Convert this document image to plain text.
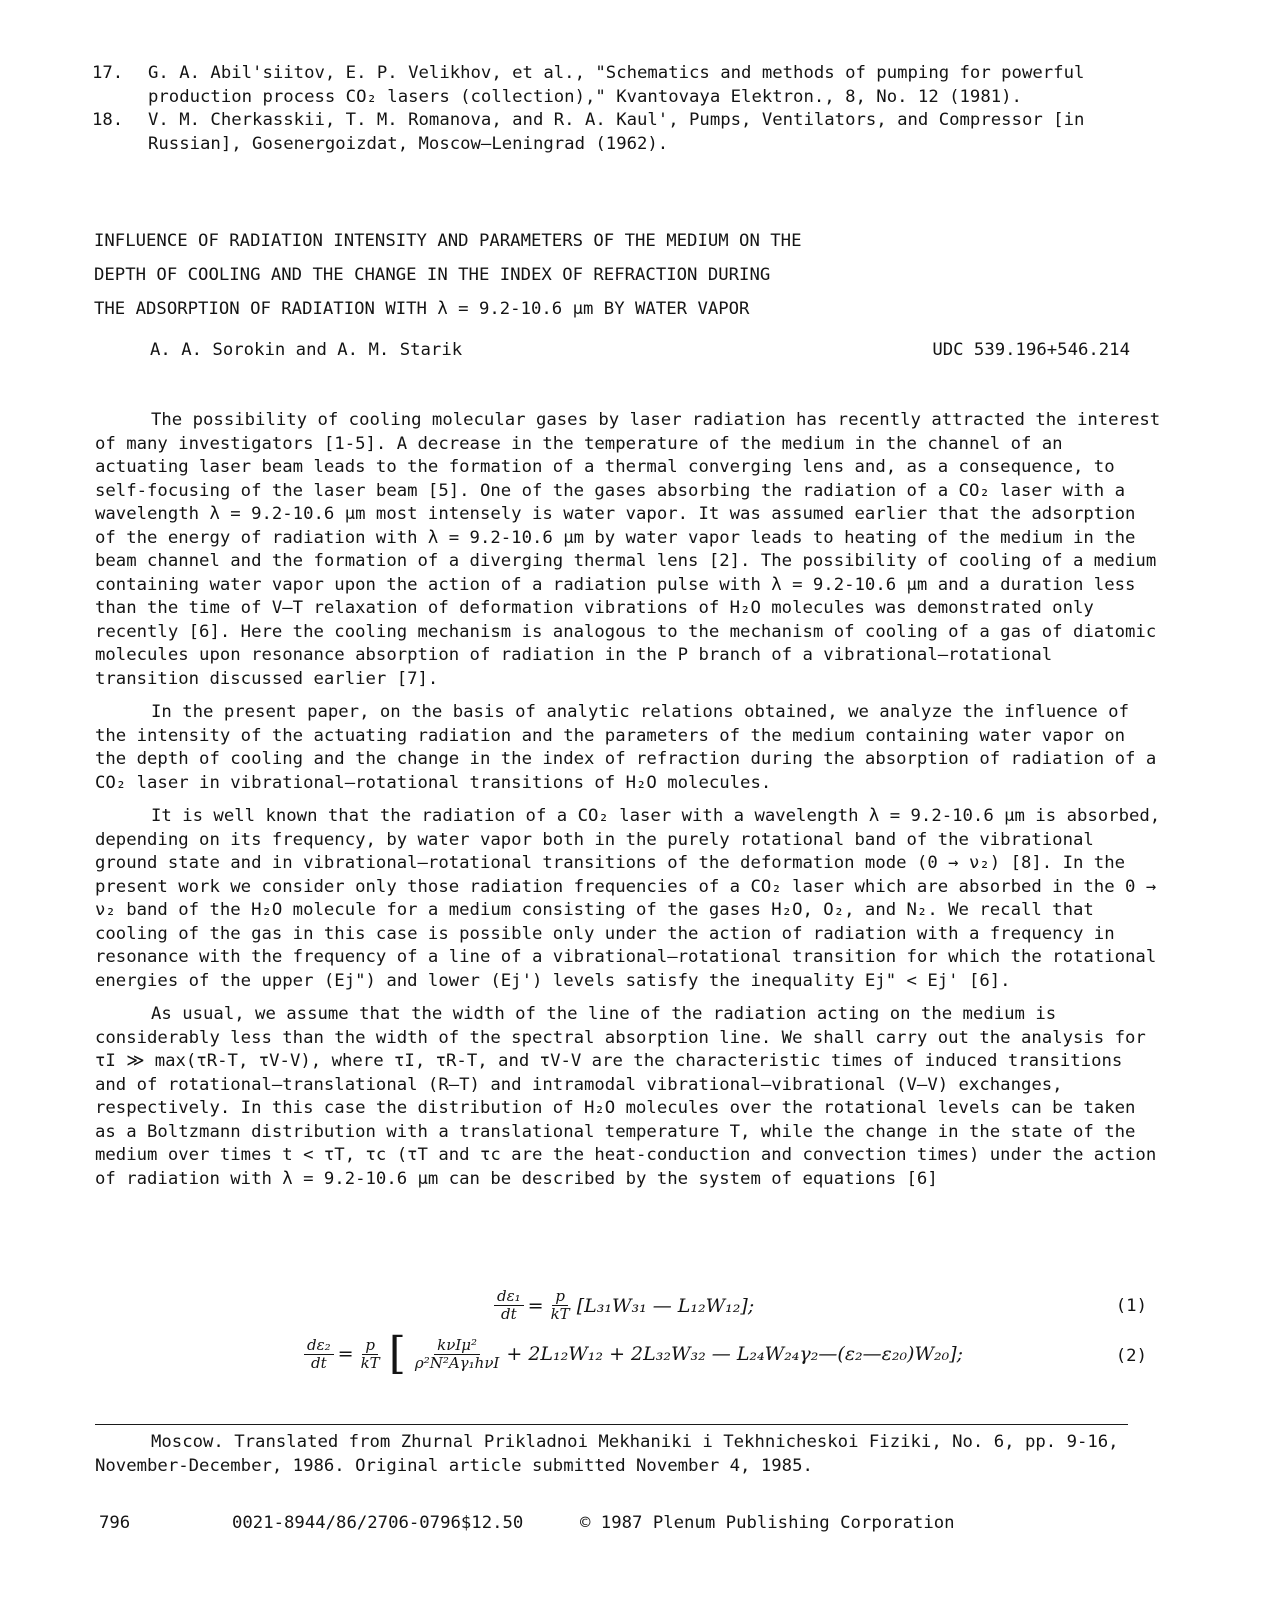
17. G. A. Abil'siitov, E. P. Velikhov, et al., "Schematics and methods of pumping for powerful production process CO₂ lasers (collection)," Kvantovaya Elektron., 8, No. 12 (1981).
18. V. M. Cherkasskii, T. M. Romanova, and R. A. Kaul', Pumps, Ventilators, and Compressor [in Russian], Gosenergoizdat, Moscow—Leningrad (1962).
INFLUENCE OF RADIATION INTENSITY AND PARAMETERS OF THE MEDIUM ON THE
DEPTH OF COOLING AND THE CHANGE IN THE INDEX OF REFRACTION DURING
THE ADSORPTION OF RADIATION WITH λ = 9.2-10.6 μm BY WATER VAPOR
A. A. Sorokin and A. M. Starik	UDC 539.196+546.214

The possibility of cooling molecular gases by laser radiation has recently attracted the interest of many investigators [1-5]. A decrease in the temperature of the medium in the channel of an actuating laser beam leads to the formation of a thermal converging lens and, as a consequence, to self-focusing of the laser beam [5]. One of the gases absorbing the radiation of a CO₂ laser with a wavelength λ = 9.2-10.6 μm most intensely is water vapor. It was assumed earlier that the adsorption of the energy of radiation with λ = 9.2-10.6 μm by water vapor leads to heating of the medium in the beam channel and the formation of a diverging thermal lens [2]. The possibility of cooling of a medium containing water vapor upon the action of a radiation pulse with λ = 9.2-10.6 μm and a duration less than the time of V—T relaxation of deformation vibrations of H₂O molecules was demonstrated only recently [6]. Here the cooling mechanism is analogous to the mechanism of cooling of a gas of diatomic molecules upon resonance absorption of radiation in the P branch of a vibrational—rotational transition discussed earlier [7].

In the present paper, on the basis of analytic relations obtained, we analyze the influence of the intensity of the actuating radiation and the parameters of the medium containing water vapor on the depth of cooling and the change in the index of refraction during the absorption of radiation of a CO₂ laser in vibrational—rotational transitions of H₂O molecules.

It is well known that the radiation of a CO₂ laser with a wavelength λ = 9.2-10.6 μm is absorbed, depending on its frequency, by water vapor both in the purely rotational band of the vibrational ground state and in vibrational—rotational transitions of the deformation mode (0 → ν₂) [8]. In the present work we consider only those radiation frequencies of a CO₂ laser which are absorbed in the 0 → ν₂ band of the H₂O molecule for a medium consisting of the gases H₂O, O₂, and N₂. We recall that cooling of the gas in this case is possible only under the action of radiation with a frequency in resonance with the frequency of a line of a vibrational—rotational transition for which the rotational energies of the upper (Ej") and lower (Ej') levels satisfy the inequality Ej" < Ej' [6].

As usual, we assume that the width of the line of the radiation acting on the medium is considerably less than the width of the spectral absorption line. We shall carry out the analysis for τI ≫ max(τR-T, τV-V), where τI, τR-T, and τV-V are the characteristic times of induced transitions and of rotational—translational (R—T) and intramodal vibrational—vibrational (V—V) exchanges, respectively. In this case the distribution of H₂O molecules over the rotational levels can be taken as a Boltzmann distribution with a translational temperature T, while the change in the state of the medium over times t < τT, τc (τT and τc are the heat-conduction and convection times) under the action of radiation with λ = 9.2-10.6 μm can be described by the system of equations [6]

$\frac{\text{dε₁}}{dt} = \frac{p}{kT} [L_{31}W_{31}$ — L₁₂W₁₂];	(1)
$\frac{\text{dε₂}}{dt} = \frac{p}{kT}$ [ $\frac{\text{kνIμ²}}{\text{ρ²N²Aγ₁hνI}} + 2L_{12}W_{12} + 2L_{32}W_{32}$ — L₂₄W₂₄γ₂—(ε₂—ε₂₀)W₂₀];	(2)
Moscow. Translated from Zhurnal Prikladnoi Mekhaniki i Tekhnicheskoi Fiziki, No. 6, pp. 9-16, November-December, 1986. Original article submitted November 4, 1985.
796	0021-8944/86/2706-0796$12.50	© 1987 Plenum Publishing Corporation
